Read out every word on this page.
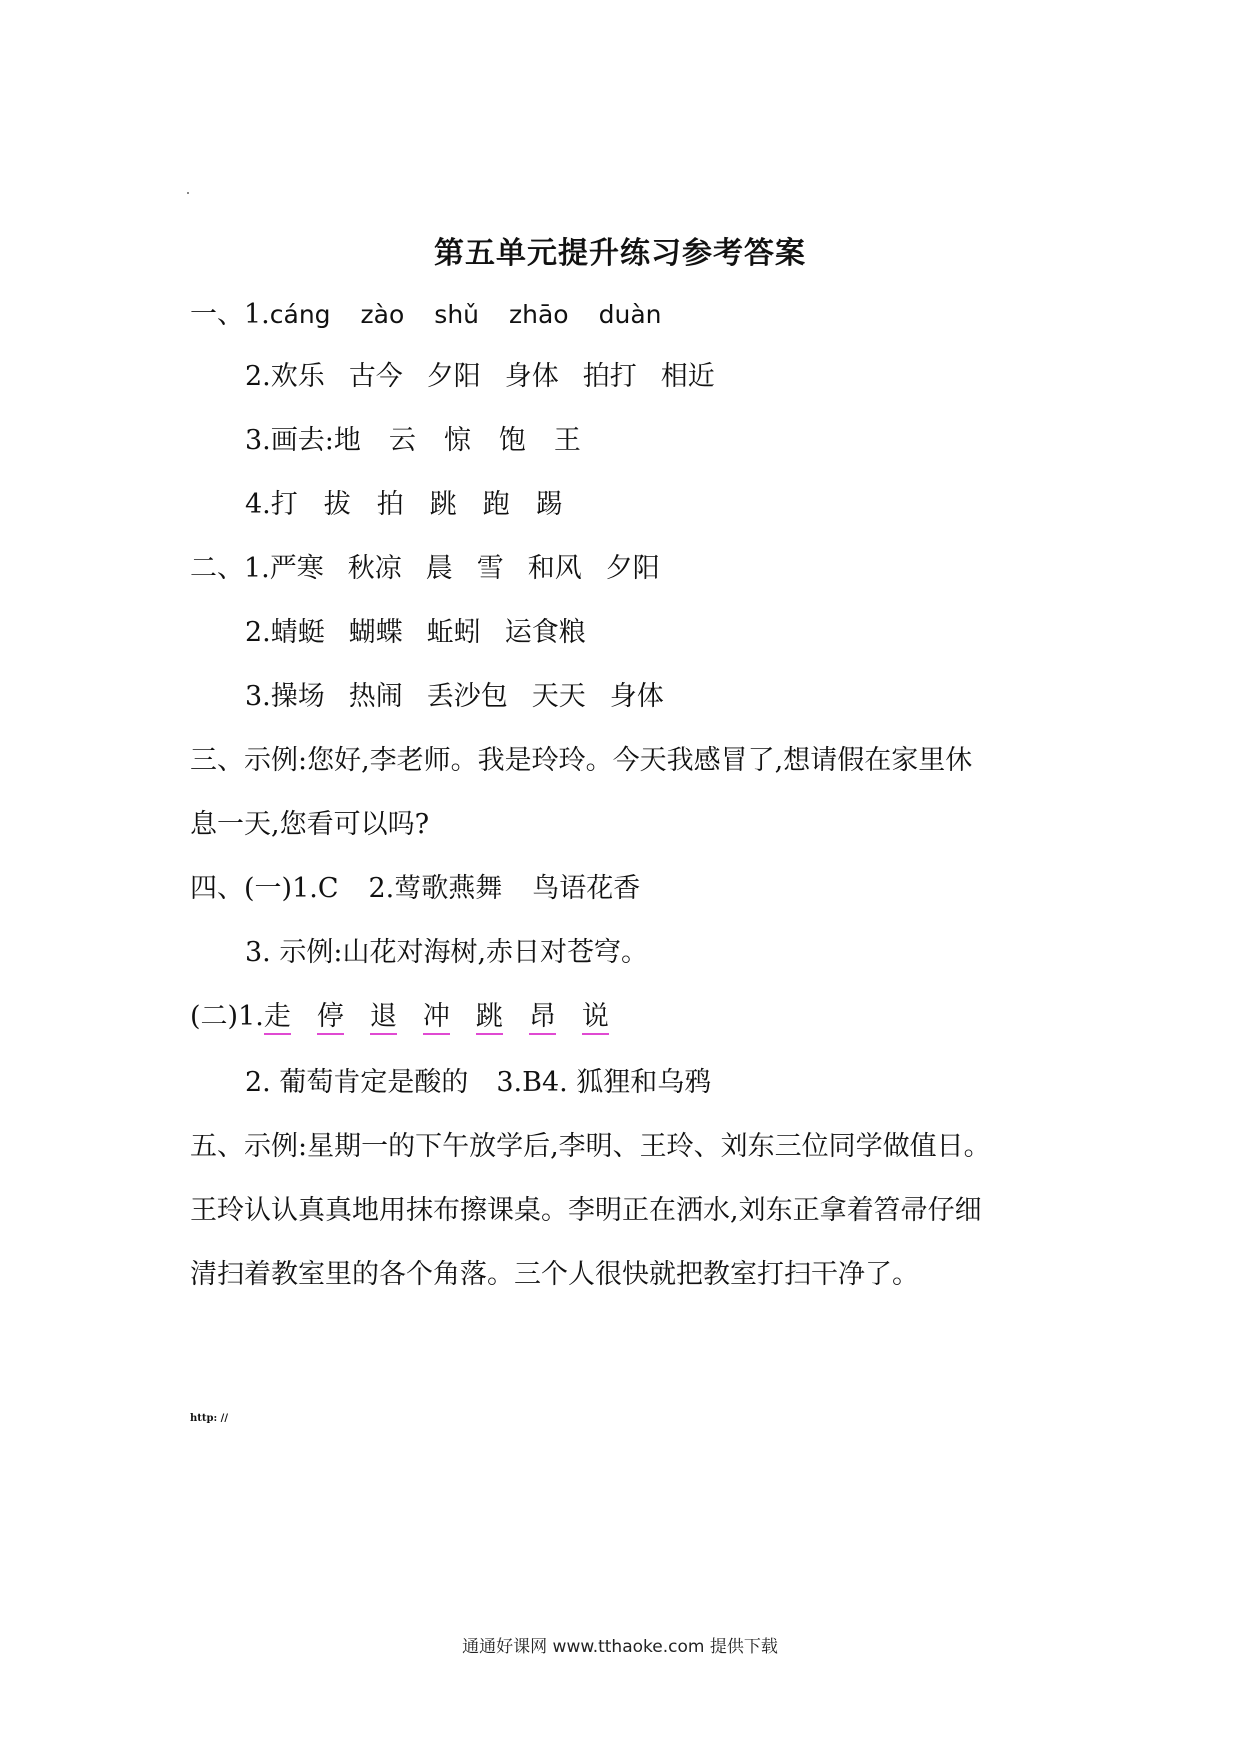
第五单元提升练习参考答案
一、1.cáng zào shǔ zhāo duàn
2.欢乐 古今 夕阳 身体 拍打 相近
3.画去:地 云 惊 饱 王
4.打 拔 拍 跳 跑 踢
二、1.严寒 秋凉 晨 雪 和风 夕阳
2.蜻蜓 蝴蝶 蚯蚓 运食粮
3.操场 热闹 丢沙包 天天 身体
三、示例:您好,李老师。我是玲玲。今天我感冒了,想请假在家里休
息一天,您看可以吗?
四、(一)1.C 2.莺歌燕舞 鸟语花香
3. 示例:山花对海树,赤日对苍穹。
(二)1.走 停 退 冲 跳 昂 说
2. 葡萄肯定是酸的 3.B4. 狐狸和乌鸦
五、示例:星期一的下午放学后,李明、王玲、刘东三位同学做值日。
王玲认认真真地用抹布擦课桌。李明正在洒水,刘东正拿着笤帚仔细
清扫着教室里的各个角落。三个人很快就把教室打扫干净了。
http: //
通通好课网 www.tthaoke.com 提供下载
